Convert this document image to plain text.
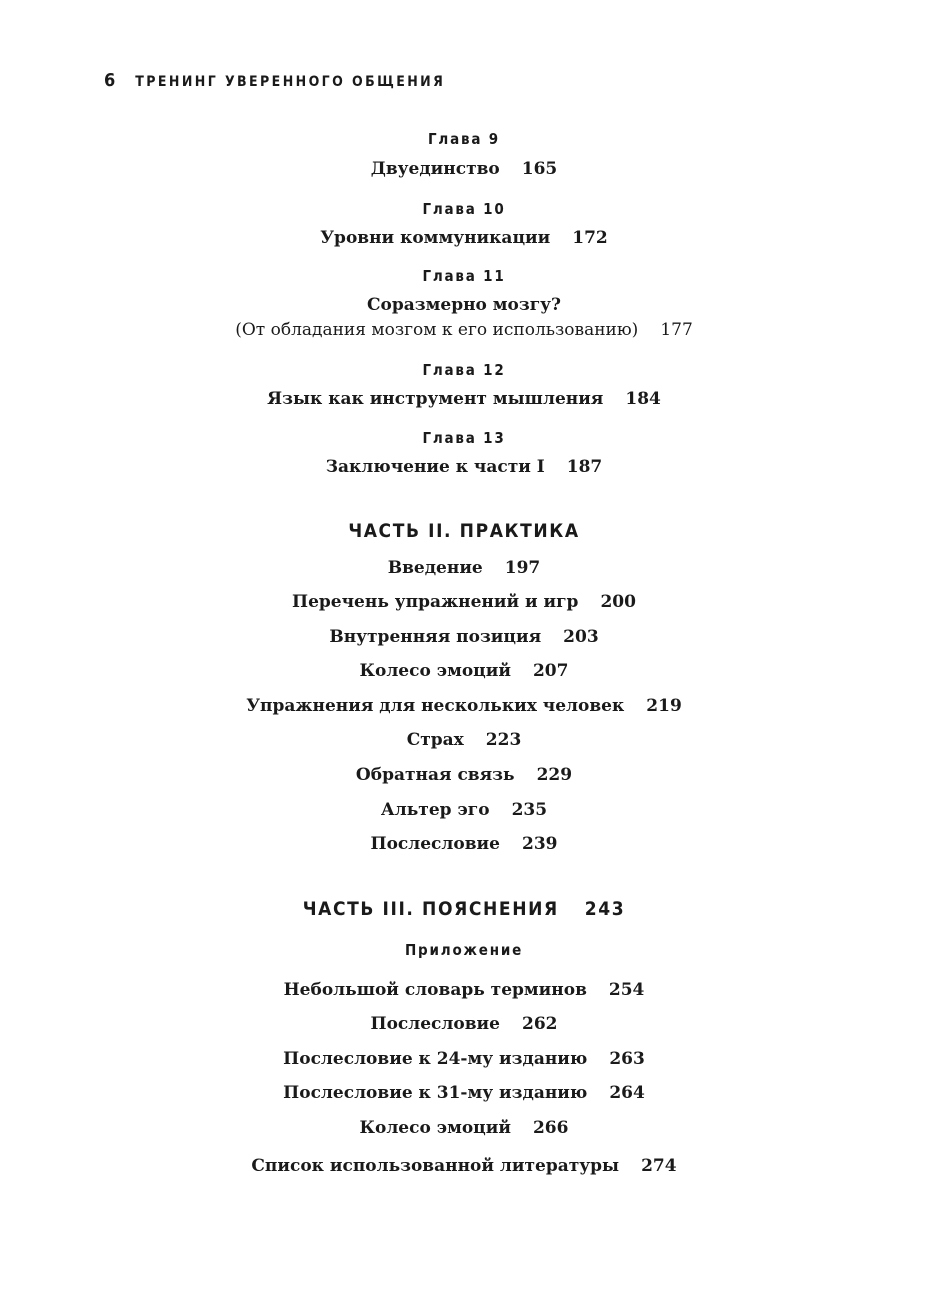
6 ТРЕНИНГ УВЕРЕННОГО ОБЩЕНИЯ
Глава 9
Двуединство 165
Глава 10
Уровни коммуникации 172
Глава 11
Соразмерно мозгу?
(От обладания мозгом к его использованию) 177
Глава 12
Язык как инструмент мышления 184
Глава 13
Заключение к части I 187
ЧАСТЬ II. ПРАКТИКА
Введение 197
Перечень упражнений и игр 200
Внутренняя позиция 203
Колесо эмоций 207
Упражнения для нескольких человек 219
Страх 223
Обратная связь 229
Альтер эго 235
Послесловие 239
ЧАСТЬ III. ПОЯСНЕНИЯ 243
Приложение
Небольшой словарь терминов 254
Послесловие 262
Послесловие к 24-му изданию 263
Послесловие к 31-му изданию 264
Колесо эмоций 266
Список использованной литературы 274
